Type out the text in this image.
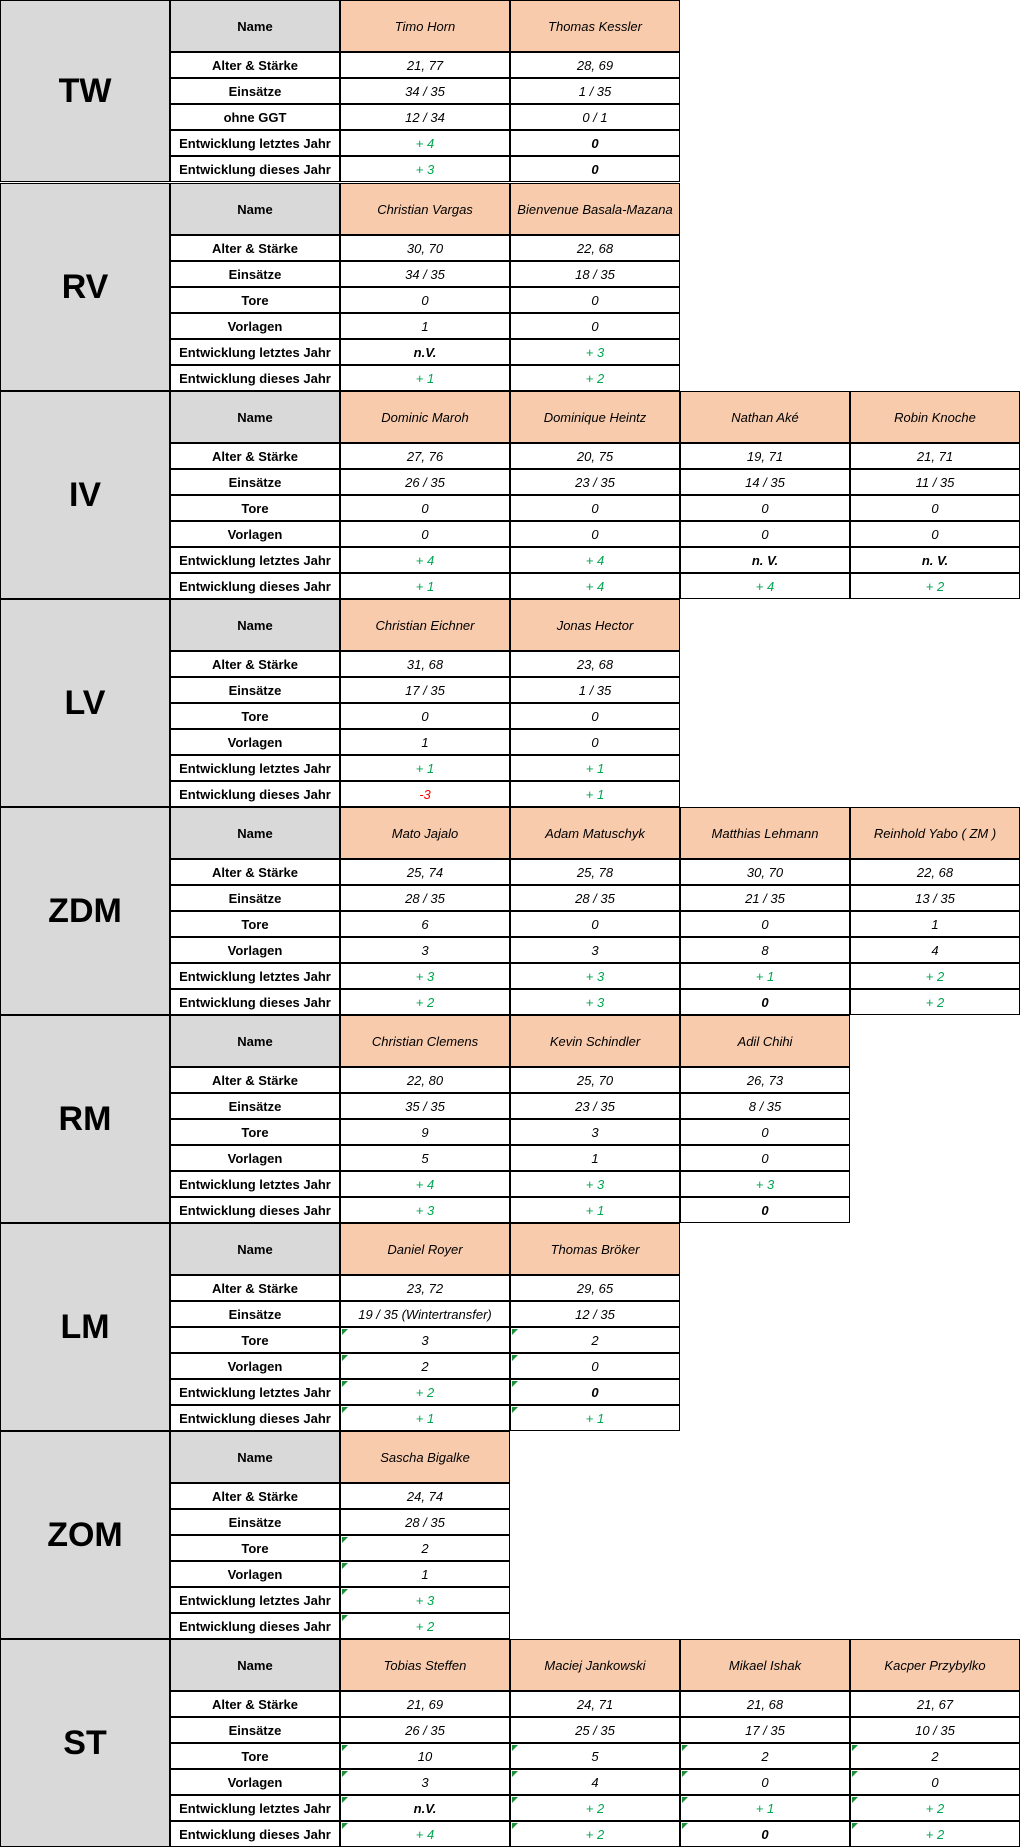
TW
Name	Timo Horn	Thomas Kessler
Alter & Stärke	21, 77	28, 69
Einsätze	34 / 35	1 / 35
ohne GGT	12 / 34	0 / 1
Entwicklung letztes Jahr	+ 4	0
Entwicklung dieses Jahr	+ 3	0
RV
Name	Christian Vargas	Bienvenue Basala-Mazana
Alter & Stärke	30, 70	22, 68
Einsätze	34 / 35	18 / 35
Tore	0	0
Vorlagen	1	0
Entwicklung letztes Jahr	n.V.	+ 3
Entwicklung dieses Jahr	+ 1	+ 2
IV
Name	Dominic Maroh	Dominique Heintz	Nathan Aké	Robin Knoche
Alter & Stärke	27, 76	20, 75	19, 71	21, 71
Einsätze	26 / 35	23 / 35	14 / 35	11 / 35
Tore	0	0	0	0
Vorlagen	0	0	0	0
Entwicklung letztes Jahr	+ 4	+ 4	n. V.	n. V.
Entwicklung dieses Jahr	+ 1	+ 4	+ 4	+ 2
LV
Name	Christian Eichner	Jonas Hector
Alter & Stärke	31, 68	23, 68
Einsätze	17 / 35	1 / 35
Tore	0	0
Vorlagen	1	0
Entwicklung letztes Jahr	+ 1	+ 1
Entwicklung dieses Jahr	-3	+ 1
ZDM
Name	Mato Jajalo	Adam Matuschyk	Matthias Lehmann	Reinhold Yabo ( ZM )
Alter & Stärke	25, 74	25, 78	30, 70	22, 68
Einsätze	28 / 35	28 / 35	21 / 35	13 / 35
Tore	6	0	0	1
Vorlagen	3	3	8	4
Entwicklung letztes Jahr	+ 3	+ 3	+ 1	+ 2
Entwicklung dieses Jahr	+ 2	+ 3	0	+ 2
RM
Name	Christian Clemens	Kevin Schindler	Adil Chihi
Alter & Stärke	22, 80	25, 70	26, 73
Einsätze	35 / 35	23 / 35	8 / 35
Tore	9	3	0
Vorlagen	5	1	0
Entwicklung letztes Jahr	+ 4	+ 3	+ 3
Entwicklung dieses Jahr	+ 3	+ 1	0
LM
Name	Daniel Royer	Thomas Bröker
Alter & Stärke	23, 72	29, 65
Einsätze	19 / 35 (Wintertransfer)	12 / 35
Tore	3	2
Vorlagen	2	0
Entwicklung letztes Jahr	+ 2	0
Entwicklung dieses Jahr	+ 1	+ 1
ZOM
Name	Sascha Bigalke
Alter & Stärke	24, 74
Einsätze	28 / 35
Tore	2
Vorlagen	1
Entwicklung letztes Jahr	+ 3
Entwicklung dieses Jahr	+ 2
ST
Name	Tobias Steffen	Maciej Jankowski	Mikael Ishak	Kacper Przybylko
Alter & Stärke	21, 69	24, 71	21, 68	21, 67
Einsätze	26 / 35	25 / 35	17 / 35	10 / 35
Tore	10	5	2	2
Vorlagen	3	4	0	0
Entwicklung letztes Jahr	n.V.	+ 2	+ 1	+ 2
Entwicklung dieses Jahr	+ 4	+ 2	0	+ 2
